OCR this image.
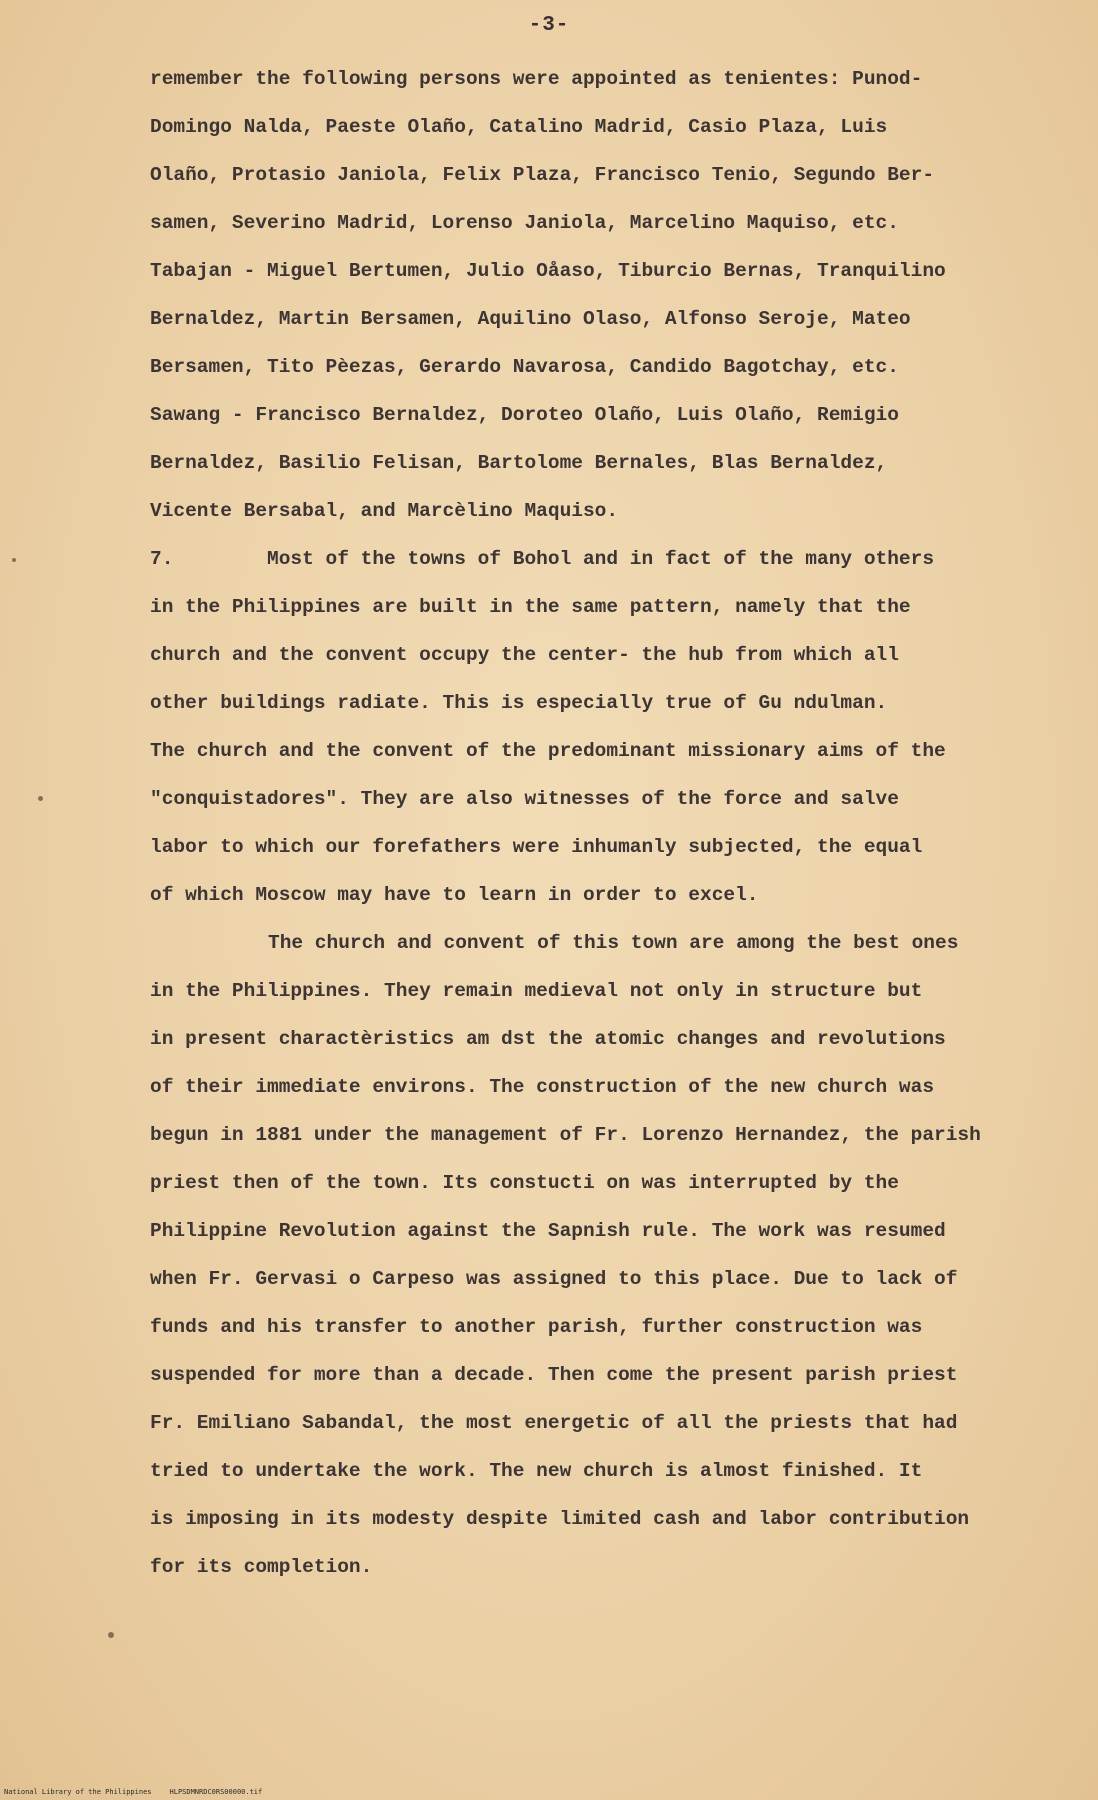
-3-
remember the following persons were appointed as tenientes: Punod-
Domingo Nalda, Paeste Olaño, Catalino Madrid, Casio Plaza, Luis
Olaño, Protasio Janiola, Felix Plaza, Francisco Tenio, Segundo Ber-
samen, Severino Madrid, Lorenso Janiola, Marcelino Maquiso, etc.
Tabajan - Miguel Bertumen, Julio Oåaso, Tiburcio Bernas, Tranquilino
Bernaldez, Martin Bersamen, Aquilino Olaso, Alfonso Seroje, Mateo
Bersamen, Tito Pèezas, Gerardo Navarosa, Candido Bagotchay, etc.
Sawang - Francisco Bernaldez, Doroteo Olaño, Luis Olaño, Remigio
Bernaldez, Basilio Felisan, Bartolome Bernales, Blas Bernaldez,
Vicente Bersabal, and Marcèlino Maquiso.
7.        Most of the towns of Bohol and in fact of the many others
in the Philippines are built in the same pattern, namely that the
church and the convent occupy the center- the hub from which all
other buildings radiate. This is especially true of Gu ndulman.
The church and the convent of the predominant missionary aims of the
"conquistadores". They are also witnesses of the force and salve
labor to which our forefathers were inhumanly subjected, the equal
of which Moscow may have to learn in order to excel.
The church and convent of this town are among the best ones
in the Philippines. They remain medieval not only in structure but
in present charactèristics am dst the atomic changes and revolutions
of their immediate environs. The construction of the new church was
begun in 1881 under the management of Fr. Lorenzo Hernandez, the parish
priest then of the town. Its constucti on was interrupted by the
Philippine Revolution against the Sapnish rule. The work was resumed
when Fr. Gervasi o Carpeso was assigned to this place. Due to lack of
funds and his transfer to another parish, further construction was
suspended for more than a decade. Then come the present parish priest
Fr. Emiliano Sabandal, the most energetic of all the priests that had
tried to undertake the work. The new church is almost finished. It
is imposing in its modesty despite limited cash and labor contribution
for its completion.
National Library of the Philippines	HLPSDMNRDC0RS00000.tif
